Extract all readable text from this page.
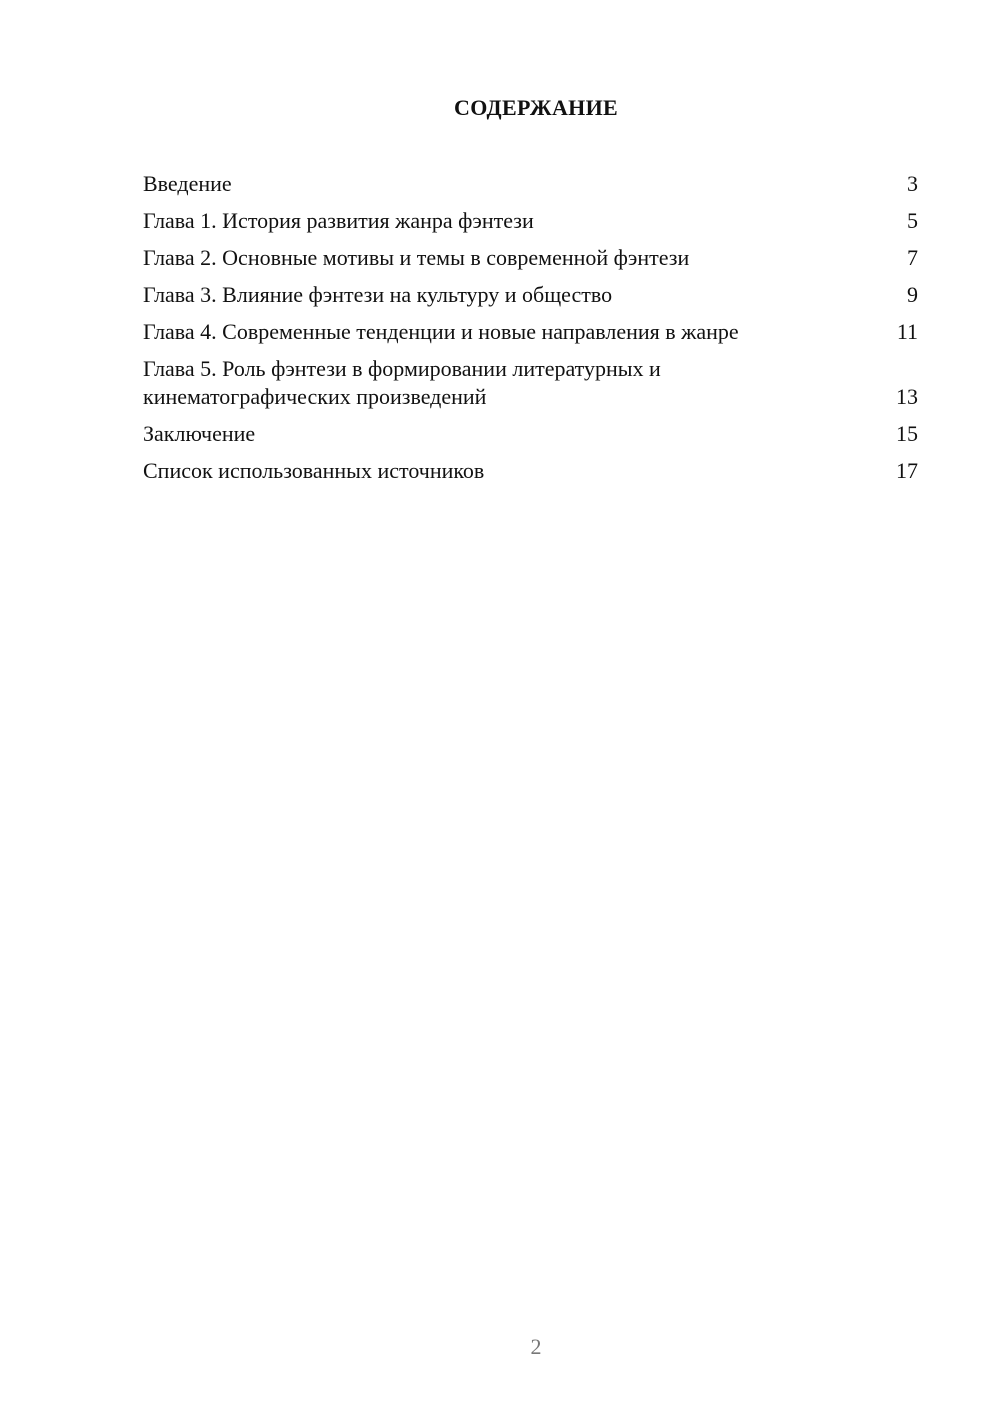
СОДЕРЖАНИЕ
Введение	3
Глава 1. История развития жанра фэнтези	5
Глава 2. Основные мотивы и темы в современной фэнтези	7
Глава 3. Влияние фэнтези на культуру и общество	9
Глава 4. Современные тенденции и новые направления в жанре	11
Глава 5. Роль фэнтези в формировании литературных и кинематографических произведений	13
Заключение	15
Список использованных источников	17
2
